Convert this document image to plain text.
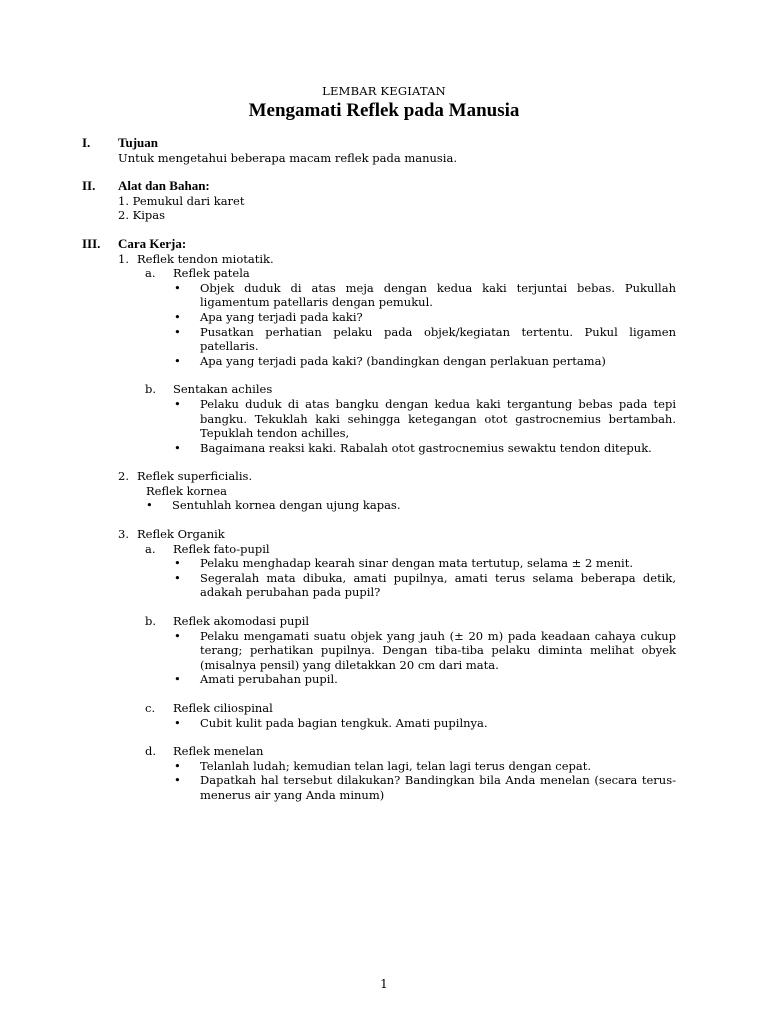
LEMBAR KEGIATAN
Mengamati Reflek pada Manusia
I.	Tujuan
Untuk mengetahui beberapa macam reflek pada manusia.
II.	Alat dan Bahan:
1. Pemukul dari karet
2. Kipas
III.	Cara Kerja:
1. Reflek tendon miotatik.
a. Reflek patela
• Objek duduk di atas meja dengan kedua kaki terjuntai bebas. Pukullah ligamentum patellaris dengan pemukul.
• Apa yang terjadi pada kaki?
• Pusatkan perhatian pelaku pada objek/kegiatan tertentu. Pukul ligamen patellaris.
• Apa yang terjadi pada kaki? (bandingkan dengan perlakuan pertama)
b. Sentakan achiles
• Pelaku duduk di atas bangku dengan kedua kaki tergantung bebas pada tepi bangku. Tekuklah kaki sehingga ketegangan otot gastrocnemius bertambah. Tepuklah tendon achilles,
• Bagaimana reaksi kaki. Rabalah otot gastrocnemius sewaktu tendon ditepuk.
2. Reflek superficialis.
Reflek kornea
• Sentuhlah kornea dengan ujung kapas.
3. Reflek Organik
a. Reflek fato-pupil
• Pelaku menghadap kearah sinar dengan mata tertutup, selama ± 2 menit.
• Segeralah mata dibuka, amati pupilnya, amati terus selama beberapa detik, adakah perubahan pada pupil?
b. Reflek akomodasi pupil
• Pelaku mengamati suatu objek yang jauh (± 20 m) pada keadaan cahaya cukup terang; perhatikan pupilnya. Dengan tiba-tiba pelaku diminta melihat obyek (misalnya pensil) yang diletakkan 20 cm dari mata.
• Amati perubahan pupil.
c. Reflek ciliospinal
• Cubit kulit pada bagian tengkuk. Amati pupilnya.
d. Reflek menelan
• Telanlah ludah; kemudian telan lagi, telan lagi terus dengan cepat.
• Dapatkah hal tersebut dilakukan? Bandingkan bila Anda menelan (secara terus-menerus air yang Anda minum)
1
